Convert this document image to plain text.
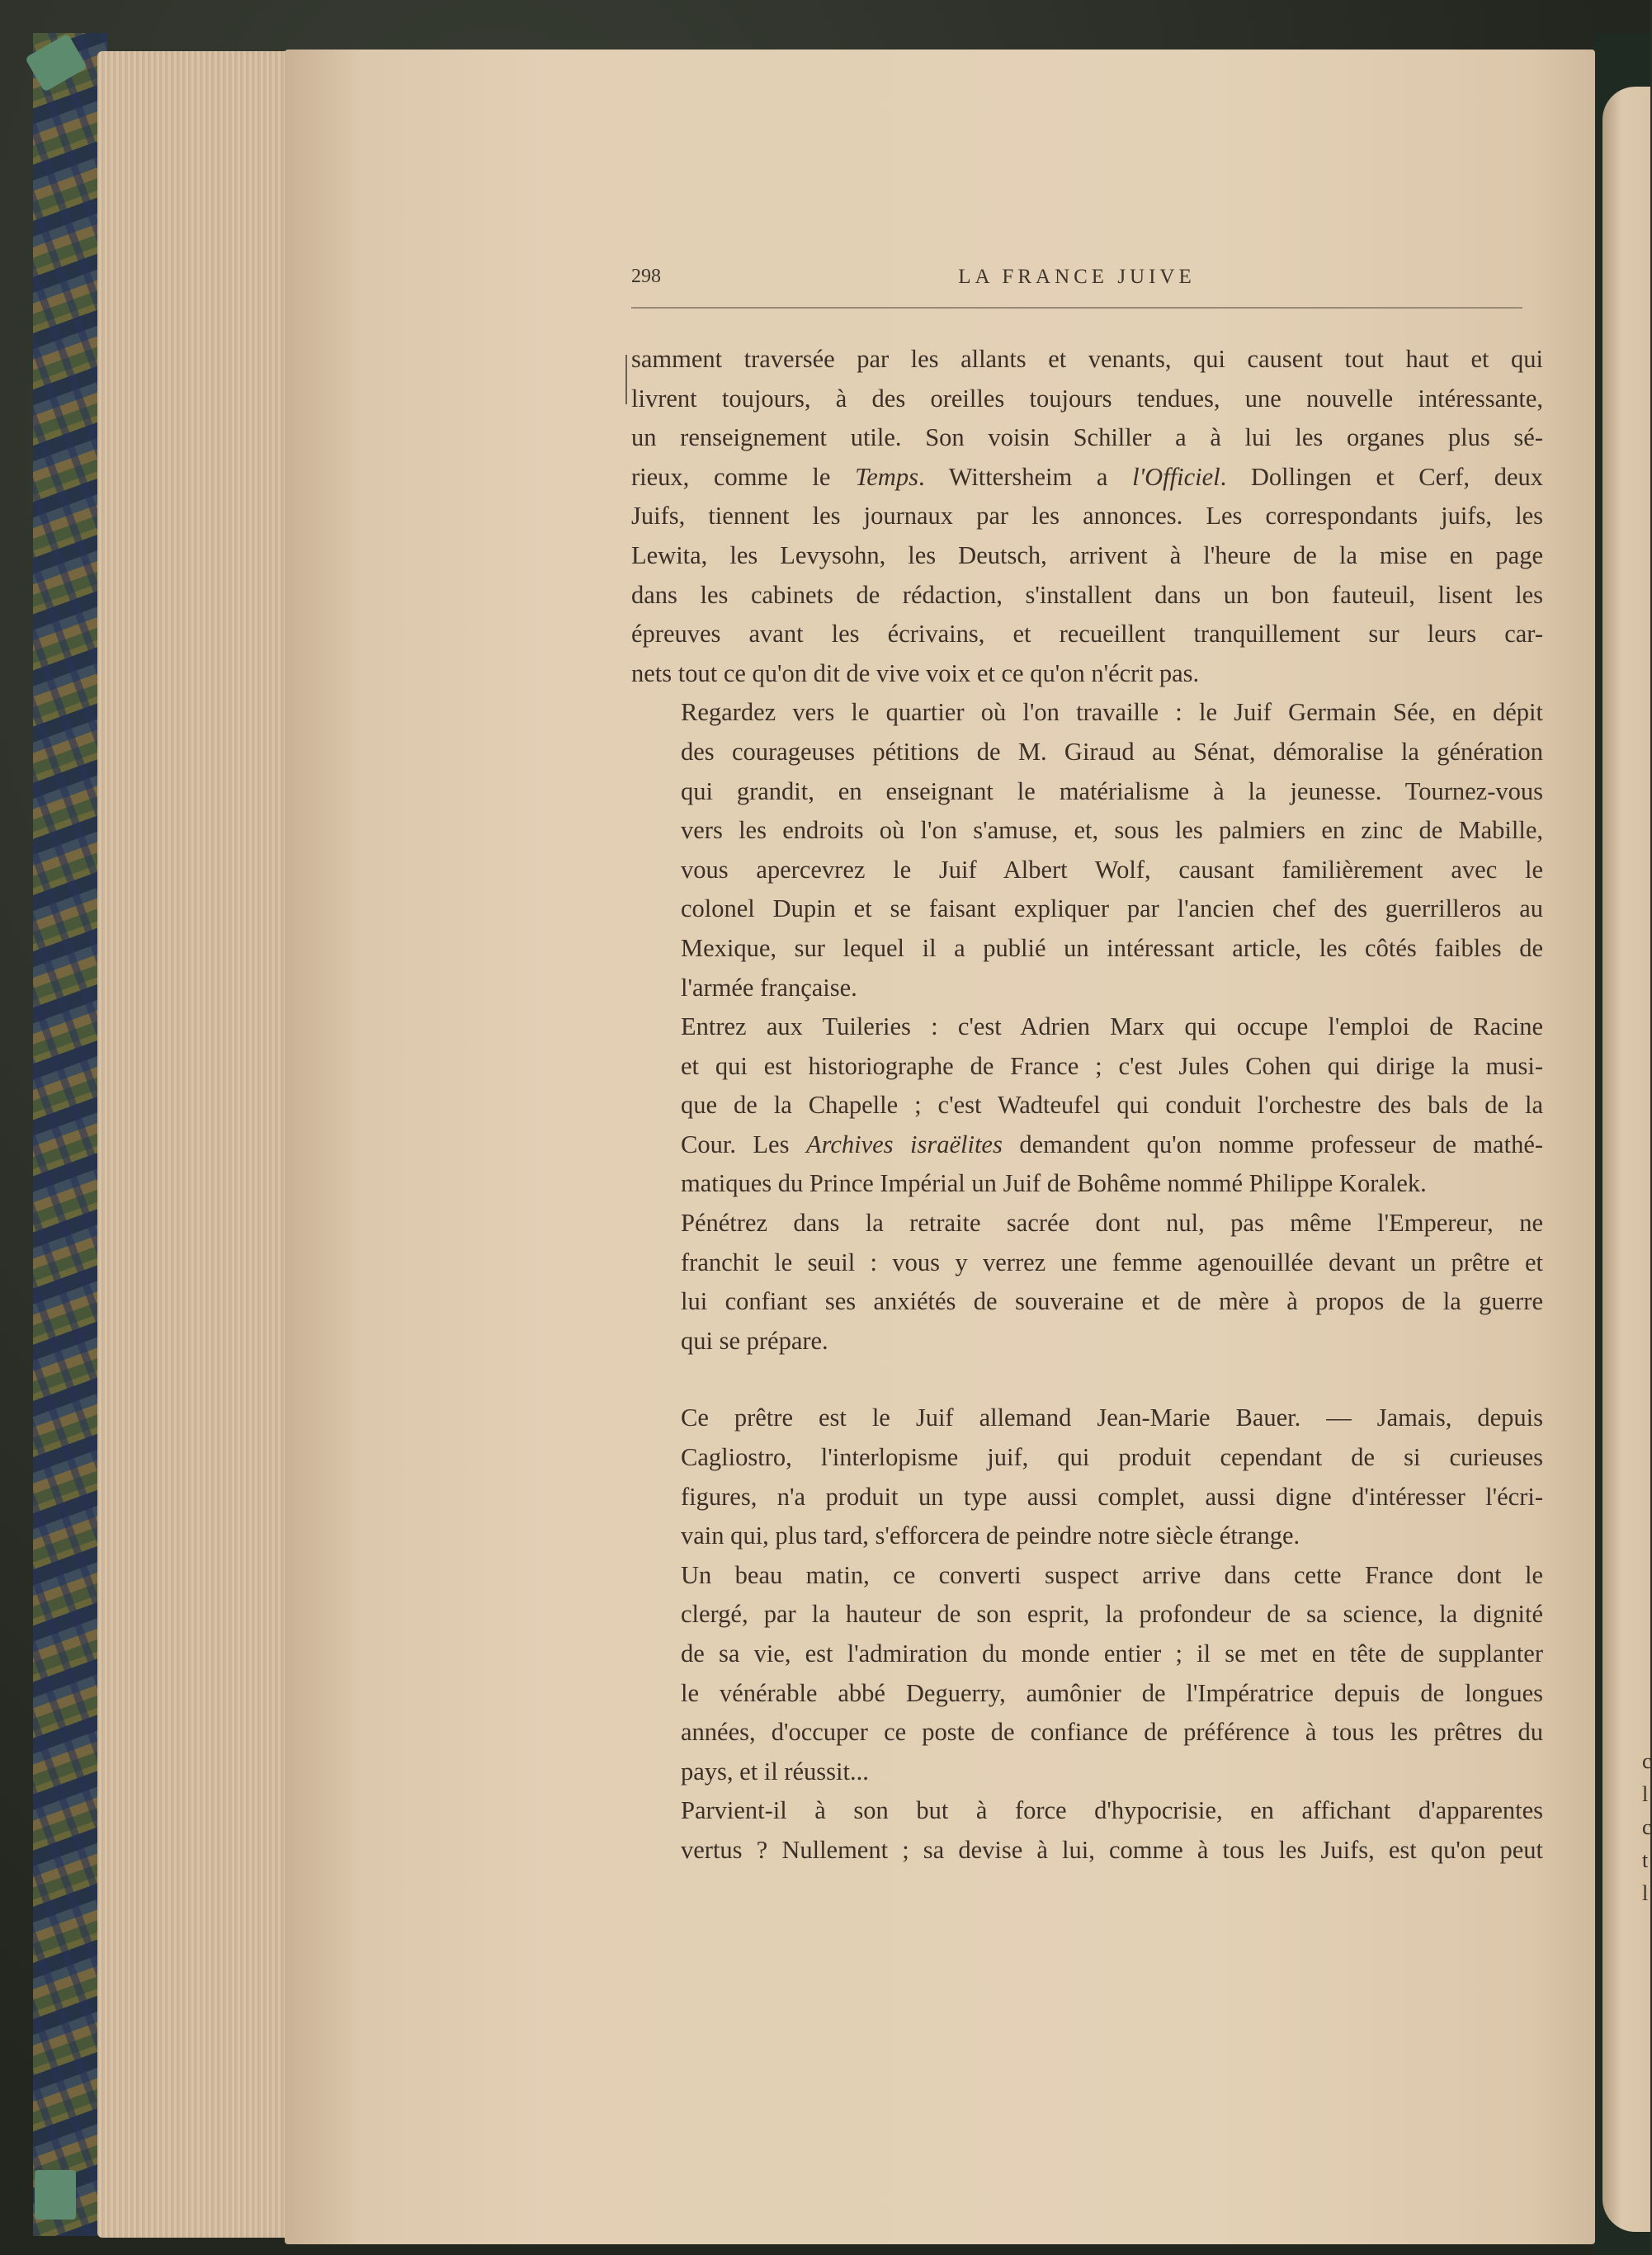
c
l
c
t
l
298	LA FRANCE JUIVE

samment traversée par les allants et venants, qui causent tout haut et qui
livrent toujours, à des oreilles toujours tendues, une nouvelle intéressante,
un renseignement utile. Son voisin Schiller a à lui les organes plus sé-
rieux, comme le Temps. Wittersheim a l'Officiel. Dollingen et Cerf, deux
Juifs, tiennent les journaux par les annonces. Les correspondants juifs, les
Lewita, les Levysohn, les Deutsch, arrivent à l'heure de la mise en page
dans les cabinets de rédaction, s'installent dans un bon fauteuil, lisent les
épreuves avant les écrivains, et recueillent tranquillement sur leurs car-
nets tout ce qu'on dit de vive voix et ce qu'on n'écrit pas.

Regardez vers le quartier où l'on travaille : le Juif Germain Sée, en dépit
des courageuses pétitions de M. Giraud au Sénat, démoralise la génération
qui grandit, en enseignant le matérialisme à la jeunesse. Tournez-vous
vers les endroits où l'on s'amuse, et, sous les palmiers en zinc de Mabille,
vous apercevrez le Juif Albert Wolf, causant familièrement avec le
colonel Dupin et se faisant expliquer par l'ancien chef des guerrilleros au
Mexique, sur lequel il a publié un intéressant article, les côtés faibles de
l'armée française.

Entrez aux Tuileries : c'est Adrien Marx qui occupe l'emploi de Racine
et qui est historiographe de France ; c'est Jules Cohen qui dirige la musi-
que de la Chapelle ; c'est Wadteufel qui conduit l'orchestre des bals de la
Cour. Les Archives israëlites demandent qu'on nomme professeur de mathé-
matiques du Prince Impérial un Juif de Bohême nommé Philippe Koralek.

Pénétrez dans la retraite sacrée dont nul, pas même l'Empereur, ne
franchit le seuil : vous y verrez une femme agenouillée devant un prêtre et
lui confiant ses anxiétés de souveraine et de mère à propos de la guerre
qui se prépare.

Ce prêtre est le Juif allemand Jean-Marie Bauer. — Jamais, depuis
Cagliostro, l'interlopisme juif, qui produit cependant de si curieuses
figures, n'a produit un type aussi complet, aussi digne d'intéresser l'écri-
vain qui, plus tard, s'efforcera de peindre notre siècle étrange.

Un beau matin, ce converti suspect arrive dans cette France dont le
clergé, par la hauteur de son esprit, la profondeur de sa science, la dignité
de sa vie, est l'admiration du monde entier ; il se met en tête de supplanter
le vénérable abbé Deguerry, aumônier de l'Impératrice depuis de longues
années, d'occuper ce poste de confiance de préférence à tous les prêtres du
pays, et il réussit...

Parvient-il à son but à force d'hypocrisie, en affichant d'apparentes
vertus ? Nullement ; sa devise à lui, comme à tous les Juifs, est qu'on peut
